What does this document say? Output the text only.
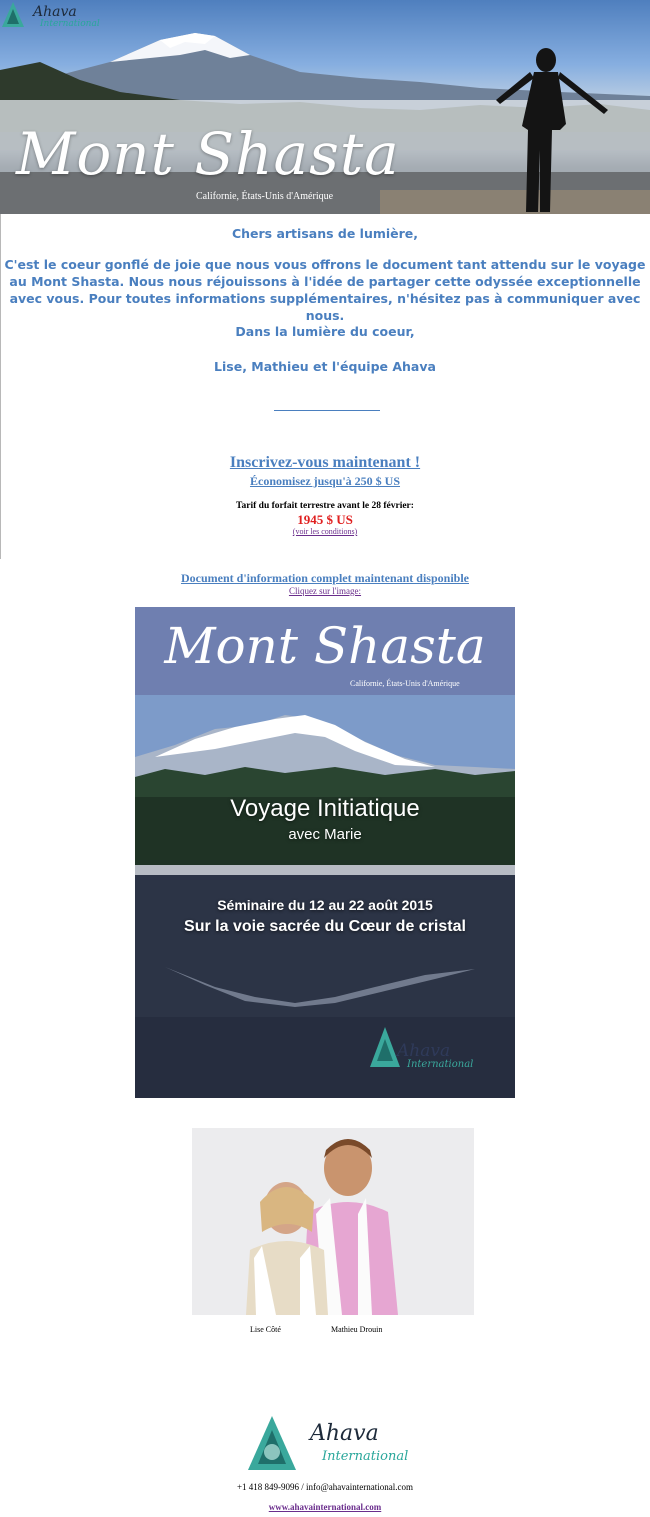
Ahava
International
Mont Shasta
Californie, États-Unis d'Amérique
Chers artisans de lumière,
C'est le coeur gonflé de joie que nous vous offrons le document tant attendu sur le voyage au Mont Shasta. Nous nous réjouissons à l'idée de partager cette odyssée exceptionnelle avec vous. Pour toutes informations supplémentaires, n'hésitez pas à communiquer avec nous.
Dans la lumière du coeur,
Lise, Mathieu et l'équipe Ahava
Inscrivez-vous maintenant !
Économisez jusqu'à 250 $ US
Tarif du forfait terrestre avant le 28 février:
1945 $ US
(voir les conditions)
Document d'information complet maintenant disponible
Cliquez sur l'image:
Mont Shasta
Californie, États-Unis d'Amérique
Voyage Initiatique
avec Marie
Séminaire du 12 au 22 août 2015
Sur la voie sacrée du Cœur de cristal
Ahava
International
Lise Côté	Mathieu Drouin
Ahava
International
+1 418 849-9096 / info@ahavainternational.com
www.ahavainternational.com
